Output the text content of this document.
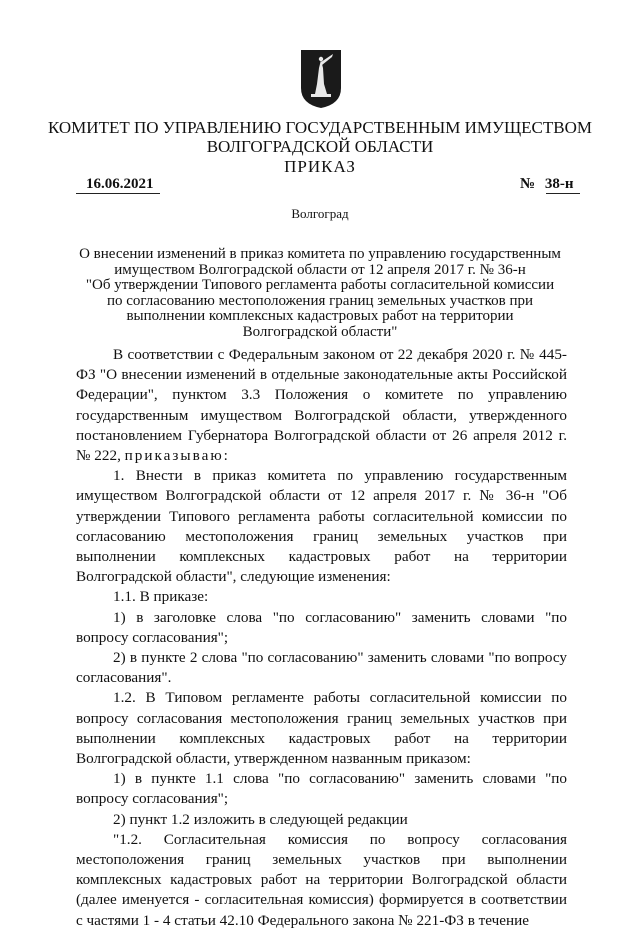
КОМИТЕТ ПО УПРАВЛЕНИЮ ГОСУДАРСТВЕННЫМ ИМУЩЕСТВОМ

ВОЛГОГРАДСКОЙ ОБЛАСТИ

ПРИКАЗ

16.06.2021	№ 38-н
Волгоград
О внесении изменений в приказ комитета по управлению государственным
имуществом Волгоградской области от 12 апреля 2017 г. № 36-н
"Об утверждении Типового регламента работы согласительной комиссии
по согласованию местоположения границ земельных участков при
выполнении комплексных кадастровых работ на территории
Волгоградской области"

В соответствии с Федеральным законом от 22 декабря 2020 г. № 445-ФЗ "О внесении изменений в отдельные законодательные акты Российской Федерации", пунктом 3.3 Положения о комитете по управлению государственным имуществом Волгоградской области, утвержденного постановлением Губернатора Волгоградской области от 26 апреля 2012 г. № 222, приказываю:

1. Внести в приказ комитета по управлению государственным имуществом Волгоградской области от 12 апреля 2017 г. № 36-н "Об утверждении Типового регламента работы согласительной комиссии по согласованию местоположения границ земельных участков при выполнении комплексных кадастровых работ на территории Волгоградской области", следующие изменения:

1.1. В приказе:

1) в заголовке слова "по согласованию" заменить словами "по вопросу согласования";

2) в пункте 2 слова "по согласованию" заменить словами "по вопросу согласования".

1.2. В Типовом регламенте работы согласительной комиссии по вопросу согласования местоположения границ земельных участков при выполнении комплексных кадастровых работ на территории Волгоградской области, утвержденном названным приказом:

1) в пункте 1.1 слова "по согласованию" заменить словами "по вопросу согласования";

2) пункт 1.2 изложить в следующей редакции

"1.2. Согласительная комиссия по вопросу согласования местоположения границ земельных участков при выполнении комплексных кадастровых работ на территории Волгоградской области (далее именуется - согласительная комиссия) формируется в соответствии с частями 1 - 4 статьи 42.10 Федерального закона № 221-ФЗ в течение
